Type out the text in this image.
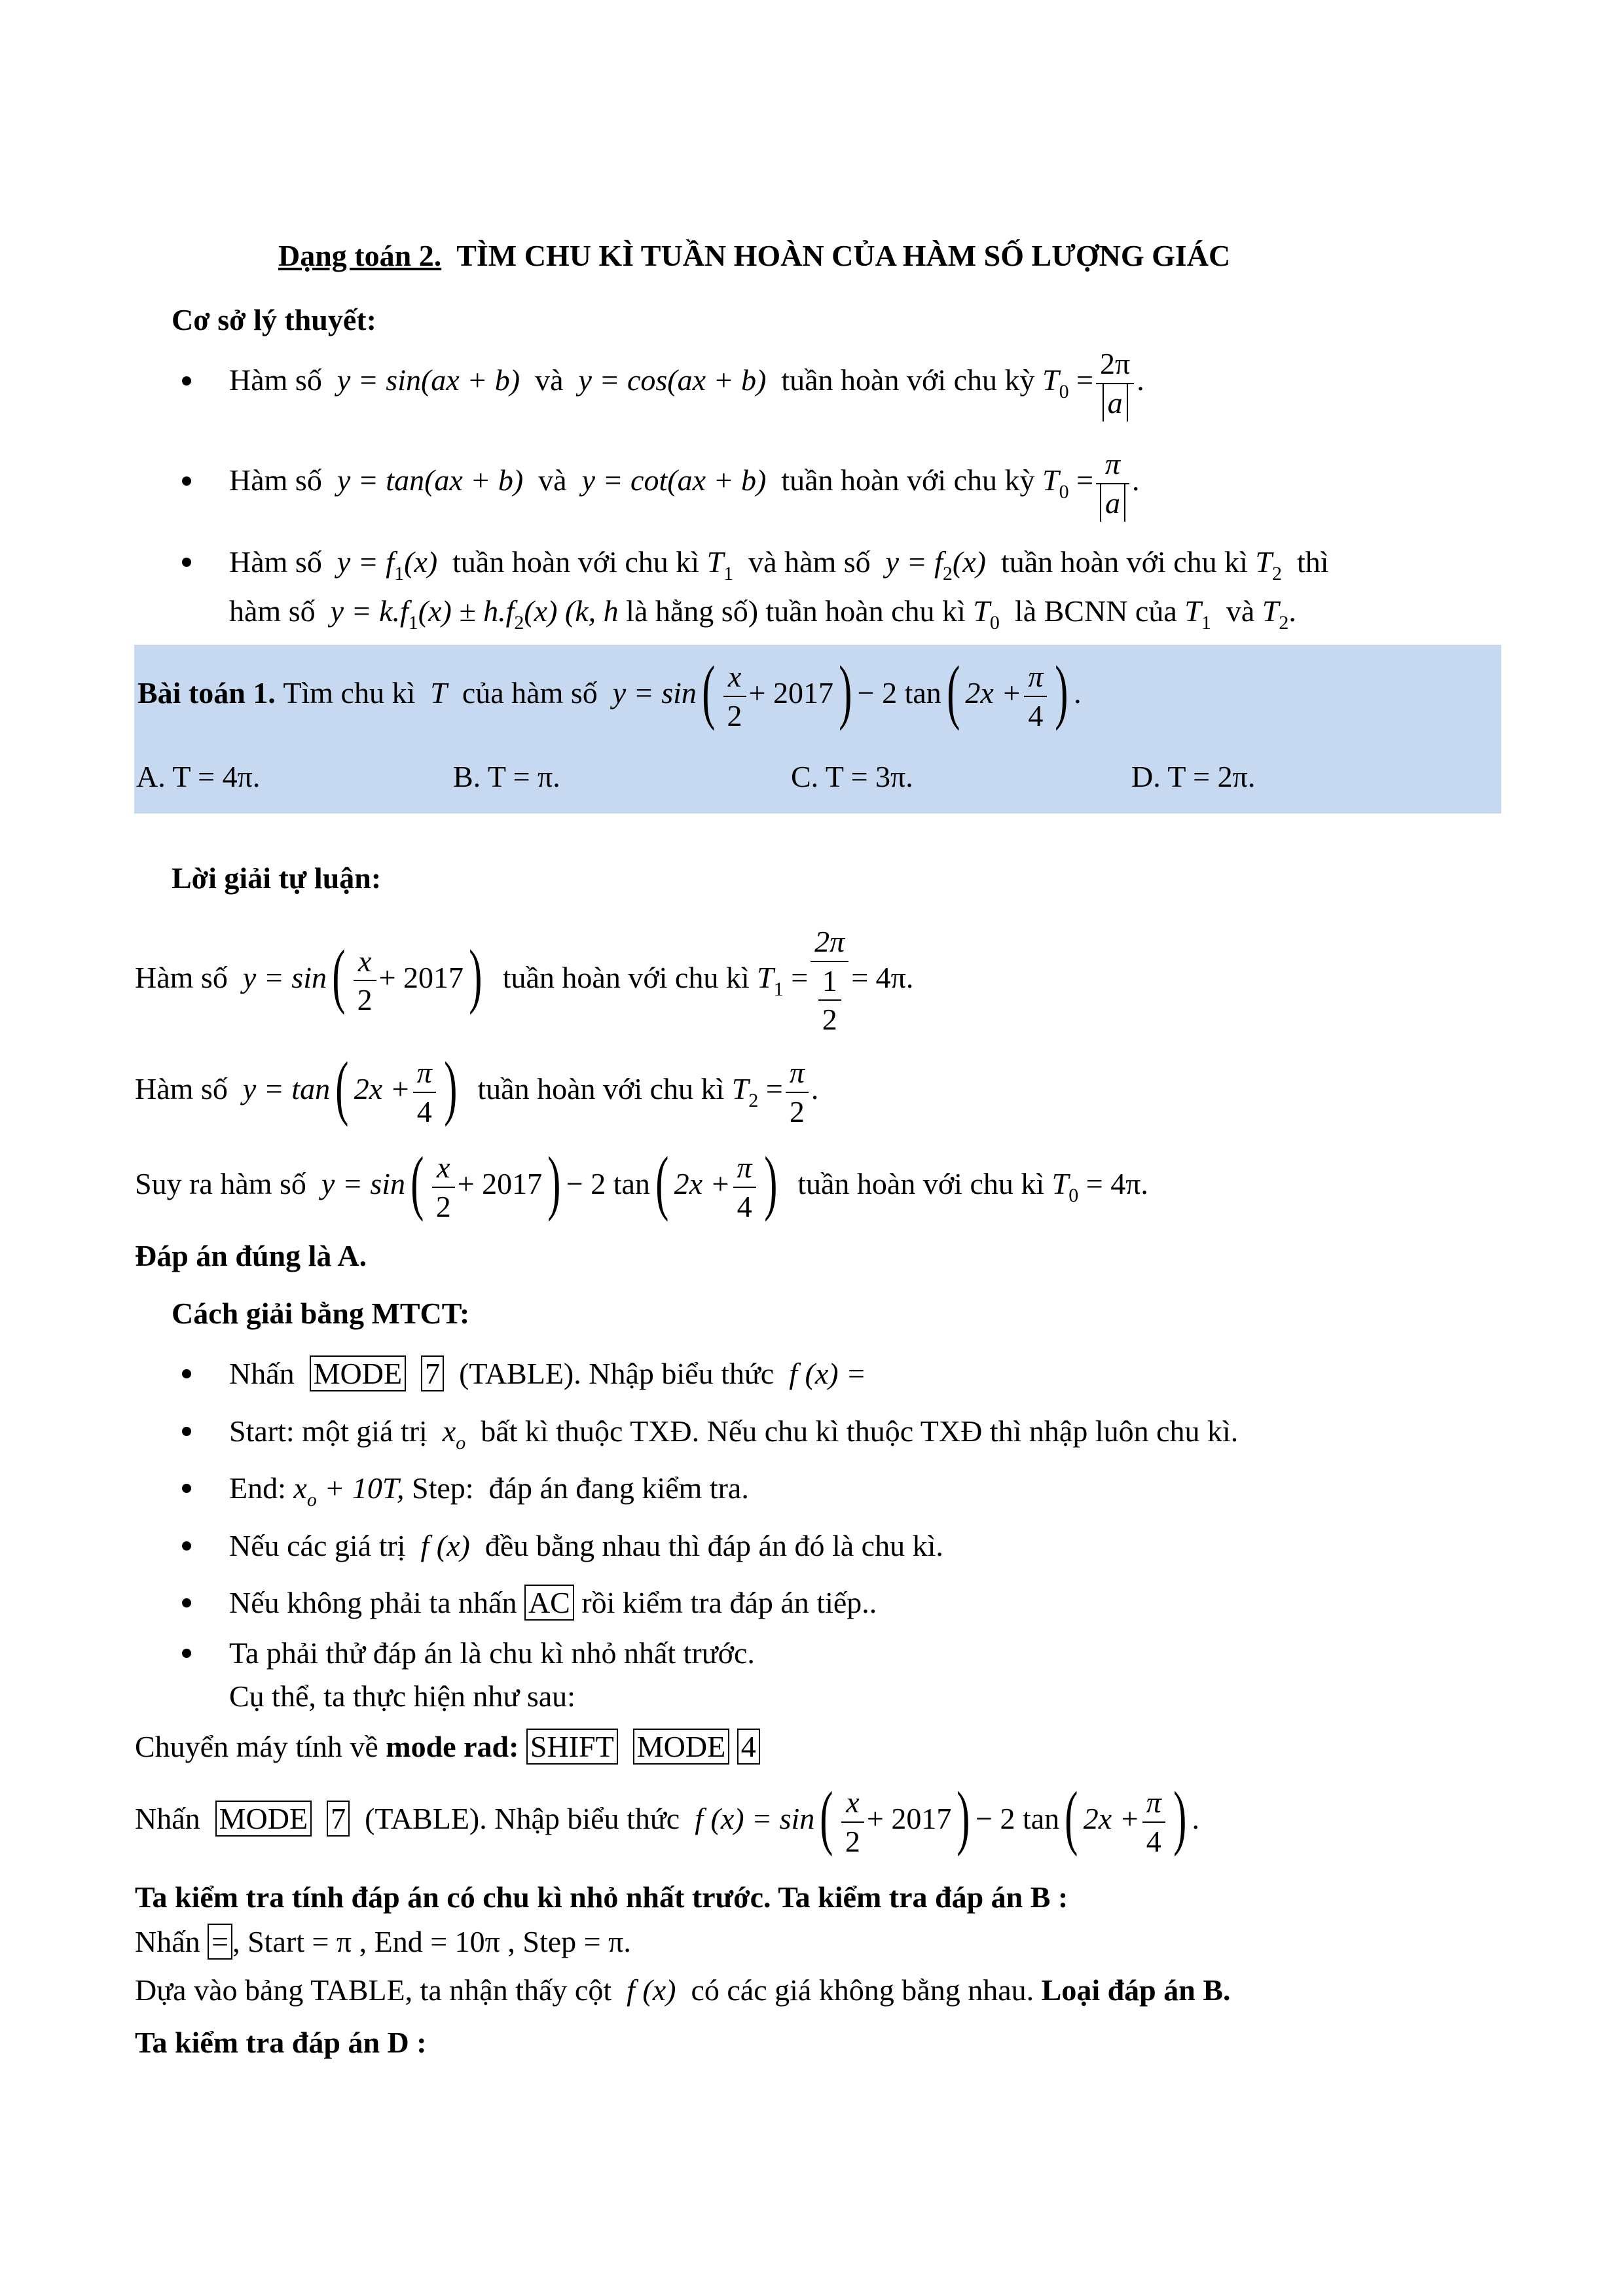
Dạng toán 2. TÌM CHU KÌ TUẦN HOÀN CỦA HÀM SỐ LƯỢNG GIÁC
Cơ sở lý thuyết:
Hàm số y = sin(ax + b) và y = cos(ax + b) tuần hoàn với chu kỳ $T_0 = \frac{2\pi}{a}$ .
Hàm số y = tan(ax + b) và y = cot(ax + b) tuần hoàn với chu kỳ $T_0 = \frac{\pi}{a}$ .
Hàm số $y = f_1(x)$ tuần hoàn với chu kì $T_1$ và hàm số $y = f_2(x)$ tuần hoàn với chu kì $T_2$ thì
hàm số $y = k.f_1(x) \pm h.f_2(x)$ (k, h là hằng số) tuần hoàn chu kì $T_0$ là BCNN của $T_1$ và $T_2$.
Bài toán 1. Tìm chu kì T của hàm số $y = \sin( \frac{x}{2} + 2017) - 2$ tan( $2x + \frac{\pi}{4}$ ) .
A. T = 4π.	B. T = π.	C. T = 3π.	D. T = 2π.
Lời giải tự luận:
Hàm số $y = \sin( \frac{x}{2} + 2017)$ tuần hoàn với chu kì $T_1 = \frac{2\pi}{\frac{1}{2}} = 4\pi$.
Hàm số y = tan( $2x + \frac{\pi}{4}$ ) tuần hoàn với chu kì $T_2 = \frac{\pi}{2}$ .
Suy ra hàm số $y = \sin( \frac{x}{2} + 2017) - 2$ tan( $2x + \frac{\pi}{4}$ ) tuần hoàn với chu kì $T_0 = 4\pi$.
Đáp án đúng là A.
Cách giải bằng MTCT:
Nhấn MODE 7 (TABLE). Nhập biểu thức f (x) =
Start: một giá trị $x_o$ bất kì thuộc TXĐ. Nếu chu kì thuộc TXĐ thì nhập luôn chu kì.
End: $x_o + 10T$, Step: đáp án đang kiểm tra.
Nếu các giá trị f (x) đều bằng nhau thì đáp án đó là chu kì.
Nếu không phải ta nhấn AC rồi kiểm tra đáp án tiếp..
Ta phải thử đáp án là chu kì nhỏ nhất trước.
Cụ thể, ta thực hiện như sau:
Chuyển máy tính về mode rad: SHIFT MODE 4
Nhấn MODE 7 (TABLE). Nhập biểu thức f $(x) = \sin( \frac{x}{2} + 2017) - 2$ tan( $2x + \frac{\pi}{4}$ ) .
Ta kiểm tra tính đáp án có chu kì nhỏ nhất trước. Ta kiểm tra đáp án B :
Nhấn = , Start = π , End = 10π , Step = π.
Dựa vào bảng TABLE, ta nhận thấy cột f (x) có các giá không bằng nhau. Loại đáp án B.
Ta kiểm tra đáp án D :
